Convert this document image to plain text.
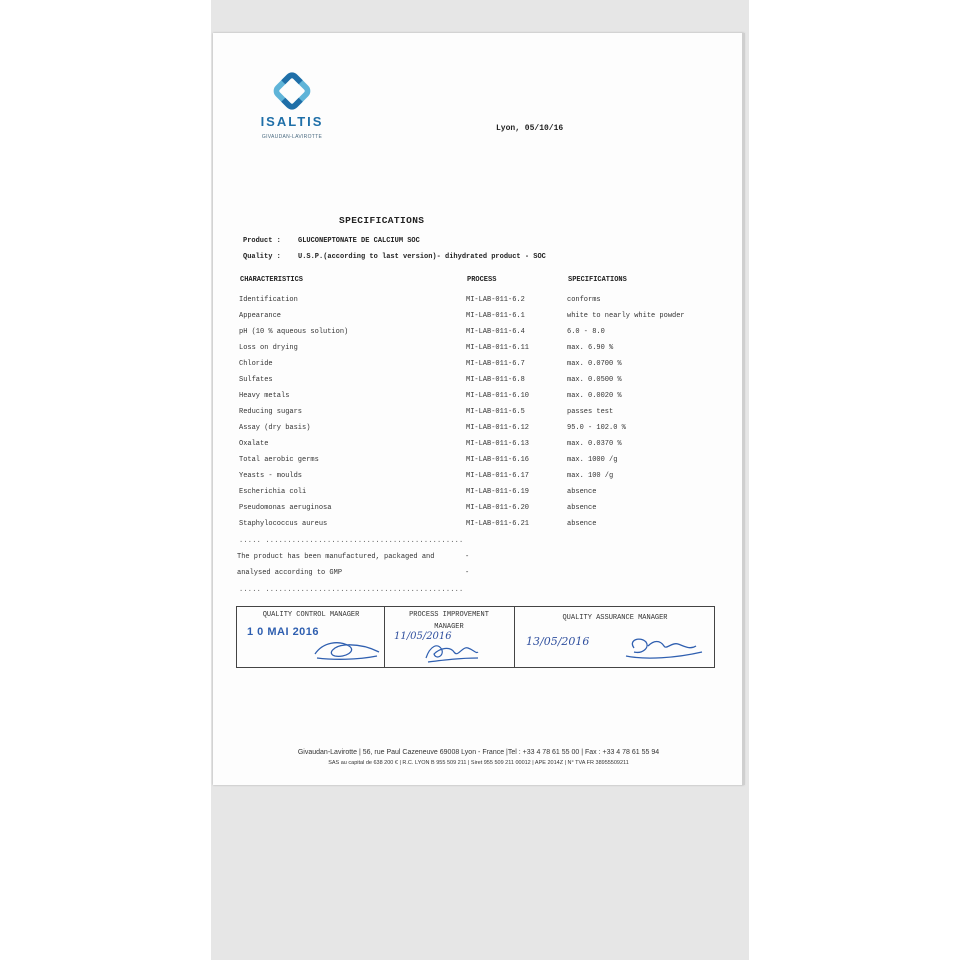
ISALTIS
GIVAUDAN-LAVIROTTE
Lyon, 05/10/16
SPECIFICATIONS
Product : GLUCONEPTONATE DE CALCIUM SOC
Quality : U.S.P.(according to last version)- dihydrated product - SOC
CHARACTERISTICS	PROCESS	SPECIFICATIONS
Identification	MI-LAB-011-6.2	conforms
Appearance	MI-LAB-011-6.1	white to nearly white powder
pH (10 % aqueous solution)	MI-LAB-011-6.4	6.0 - 8.0
Loss on drying	MI-LAB-011-6.11	max. 6.90 %
Chloride	MI-LAB-011-6.7	max. 0.0700 %
Sulfates	MI-LAB-011-6.8	max. 0.0500 %
Heavy metals	MI-LAB-011-6.10	max. 0.0020 %
Reducing sugars	MI-LAB-011-6.5	passes test
Assay (dry basis)	MI-LAB-011-6.12	95.0 - 102.0 %
Oxalate	MI-LAB-011-6.13	max. 0.0370 %
Total aerobic germs	MI-LAB-011-6.16	max. 1000 /g
Yeasts - moulds	MI-LAB-011-6.17	max. 100 /g
Escherichia coli	MI-LAB-011-6.19	absence
Pseudomonas aeruginosa	MI-LAB-011-6.20	absence
Staphylococcus aureus	MI-LAB-011-6.21	absence
..... .............................................
The product has been manufactured, packaged and	-
analysed according to GMP	-
..... .............................................
QUALITY CONTROL MANAGER
1 0 MAI 2016
PROCESS IMPROVEMENT MANAGER
11/05/2016
QUALITY ASSURANCE MANAGER
13/05/2016
Givaudan-Lavirotte | 56, rue Paul Cazeneuve 69008 Lyon - France |Tel : +33 4 78 61 55 00 | Fax : +33 4 78 61 55 94
SAS au capital de 638 200 € | R.C. LYON B 955 509 211 | Siret 955 509 211 00012 | APE 2014Z | N° TVA FR 38955509211
